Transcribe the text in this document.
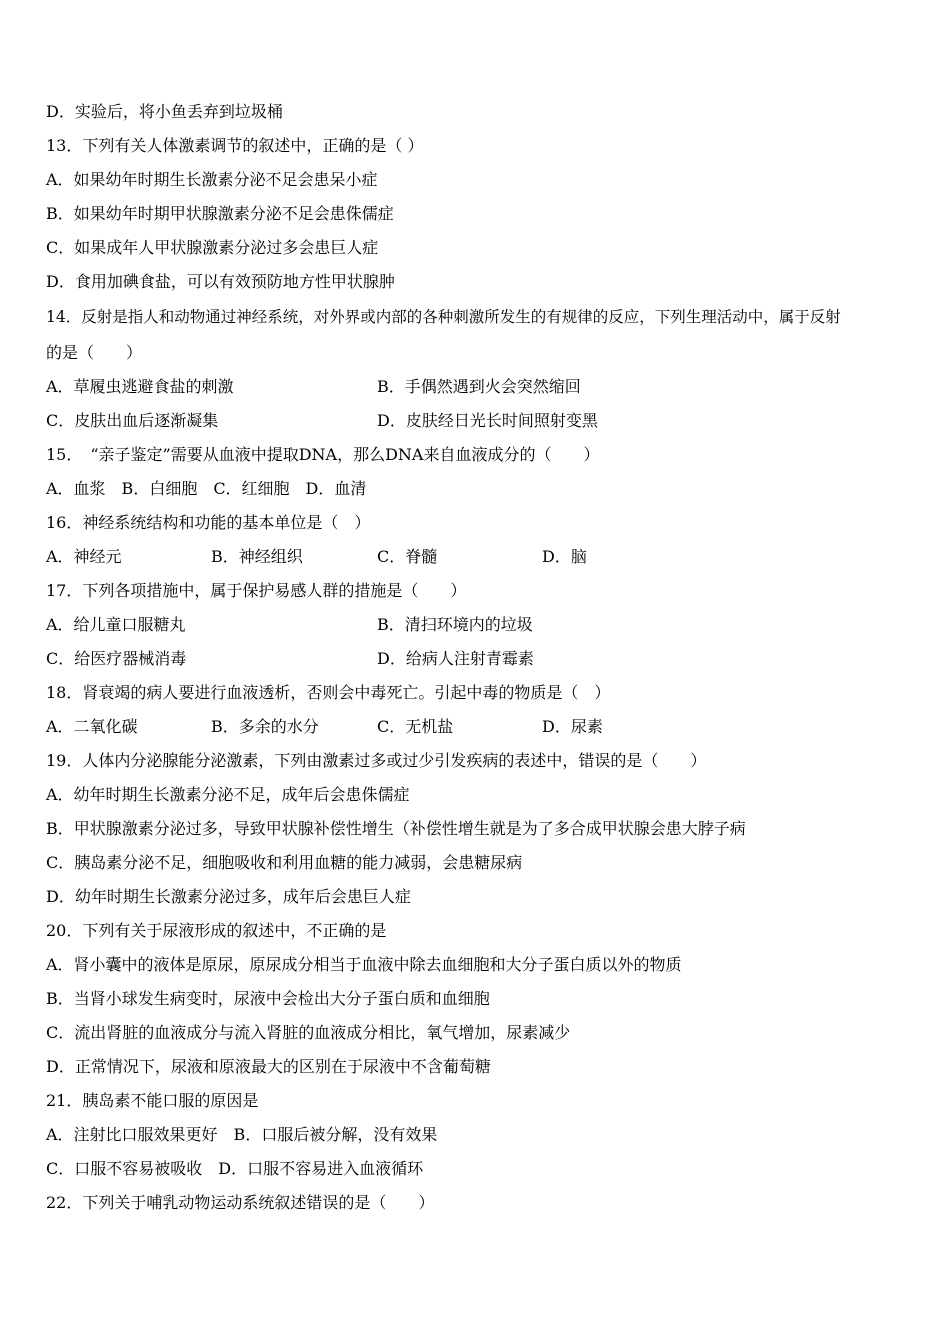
D．实验后，将小鱼丢弃到垃圾桶
13．下列有关人体激素调节的叙述中，正确的是（ ）
A．如果幼年时期生长激素分泌不足会患呆小症
B．如果幼年时期甲状腺激素分泌不足会患侏儒症
C．如果成年人甲状腺激素分泌过多会患巨人症
D．食用加碘食盐，可以有效预防地方性甲状腺肿
14．反射是指人和动物通过神经系统，对外界或内部的各种刺激所发生的有规律的反应，下列生理活动中，属于反射
的是（　　）
A．草履虫逃避食盐的刺激	B．手偶然遇到火会突然缩回
C．皮肤出血后逐渐凝集	D．皮肤经日光长时间照射变黑
15．　“亲子鉴定”需要从血液中提取DNA，那么DNA来自血液成分的（　　）
A．血浆　B．白细胞　C．红细胞　D．血清
16．神经系统结构和功能的基本单位是（　）
A．神经元	B．神经组织	C．脊髓	D．脑
17．下列各项措施中，属于保护易感人群的措施是（　　）
A．给儿童口服糖丸	B．清扫环境内的垃圾
C．给医疗器械消毒	D．给病人注射青霉素
18．肾衰竭的病人要进行血液透析，否则会中毒死亡。引起中毒的物质是（　）
A．二氧化碳	B．多余的水分	C．无机盐	D．尿素
19．人体内分泌腺能分泌激素，下列由激素过多或过少引发疾病的表述中，错误的是（　　）
A．幼年时期生长激素分泌不足，成年后会患侏儒症
B．甲状腺激素分泌过多，导致甲状腺补偿性增生（补偿性增生就是为了多合成甲状腺会患大脖子病
C．胰岛素分泌不足，细胞吸收和利用血糖的能力减弱，会患糖尿病
D．幼年时期生长激素分泌过多，成年后会患巨人症
20．下列有关于尿液形成的叙述中，不正确的是
A．肾小囊中的液体是原尿，原尿成分相当于血液中除去血细胞和大分子蛋白质以外的物质
B．当肾小球发生病变时，尿液中会检出大分子蛋白质和血细胞
C．流出肾脏的血液成分与流入肾脏的血液成分相比，氧气增加，尿素减少
D．正常情况下，尿液和原液最大的区别在于尿液中不含葡萄糖
21．胰岛素不能口服的原因是
A．注射比口服效果更好　B．口服后被分解，没有效果
C．口服不容易被吸收　D．口服不容易进入血液循环
22．下列关于哺乳动物运动系统叙述错误的是（　　）
